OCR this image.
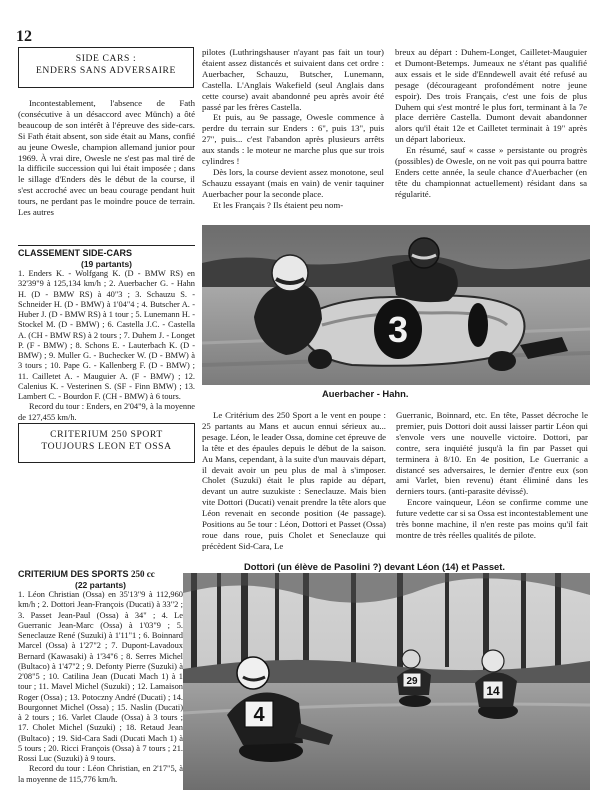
12
SIDE CARS :
ENDERS SANS ADVERSAIRE

Incontestablement, l'absence de Fath (consécutive à un désaccord avec Münch) a ôté beaucoup de son intérêt à l'épreuve des side-cars. Si Fath était absent, son side était au Mans, confié au jeune Owesle, champion allemand junior pour 1969. À vrai dire, Owesle ne s'est pas mal tiré de la difficile succession qui lui était imposée ; dans le sillage d'Enders dès le début de la course, il s'est accroché avec un beau courage pendant huit tours, ne perdant pas le moindre pouce de terrain. Les autres

pilotes (Luthringshauser n'ayant pas fait un tour) étaient assez distancés et suivaient dans cet ordre : Auerbacher, Schauzu, Butscher, Lunemann, Castella. L'Anglais Wakefield (seul Anglais dans cette course) avait abandonné peu après avoir été passé par les frères Castella.

Et puis, au 9e passage, Owesle commence à perdre du terrain sur Enders : 6", puis 13", puis 27", puis... c'est l'abandon après plusieurs arrêts aux stands : le moteur ne marche plus que sur trois cylindres !

Dès lors, la course devient assez monotone, seul Schauzu essayant (mais en vain) de venir taquiner Auerbacher pour la seconde place.

Et les Français ? Ils étaient peu nom-

breux au départ : Duhem-Longet, Cailletet-Mauguier et Dumont-Betemps. Jumeaux ne s'étant pas qualifié aux essais et le side d'Enndewell avait été refusé au pesage (décourageant profondément notre jeune espoir). Des trois Français, c'est une fois de plus Duhem qui s'est montré le plus fort, terminant à la 7e place derrière Castella. Dumont devait abandonner alors qu'il était 12e et Cailletet terminait à 19" après un départ laborieux.

En résumé, sauf « casse » persistante ou progrès (possibles) de Owesle, on ne voit pas qui pourra battre Enders cette année, la seule chance d'Auerbacher (en tête du championnat actuellement) résidant dans sa régularité.

CLASSEMENT SIDE-CARS
(19 partants)
1. Enders K. - Wolfgang K. (D - BMW RS) en 32'39"9 à 125,134 km/h ; 2. Auerbacher G. - Hahn H. (D - BMW RS) à 40"3 ; 3. Schauzu S. - Schneider H. (D - BMW) à 1'04"4 ; 4. Butscher A. - Huber J. (D - BMW RS) à 1 tour ; 5. Lunemann H. - Stockel M. (D - BMW) ; 6. Castella J.C. - Castella A. (CH - BMW RS) à 2 tours ; 7. Duhem J. - Longet P. (F - BMW) ; 8. Schons E. - Lauterbach K. (D - BMW) ; 9. Muller G. - Buchecker W. (D - BMW) à 3 tours ; 10. Pape G. - Kallenberg F. (D - BMW) ; 11. Cailletet A. - Mauguier A. (F - BMW) ; 12. Calenius K. - Vesterinen S. (SF - Finn BMW) ; 13. Lambert C. - Bourdon F. (CH - BMW) à 6 tours.
Record du tour : Enders, en 2'04"9, à la moyenne de 127,455 km/h.
3
Auerbacher - Hahn.
CRITERIUM 250 SPORT
TOUJOURS LEON ET OSSA

Le Critérium des 250 Sport a le vent en poupe : 25 partants au Mans et aucun ennui sérieux au... pesage. Léon, le leader Ossa, domine cet épreuve de la tête et des épaules depuis le début de la saison. Au Mans, cependant, à la suite d'un mauvais départ, il devait avoir un peu plus de mal à s'imposer. Cholet (Suzuki) était le plus rapide au départ, devant un autre suzukiste : Seneclauze. Mais bien vite Dottori (Ducati) venait prendre la tête alors que Léon revenait en seconde position (4e passage). Positions au 5e tour : Léon, Dottori et Passet (Ossa) roue dans roue, puis Cholet et Seneclauze qui précèdent Sid-Cara, Le

Guerranic, Boinnard, etc. En tête, Passet décroche le premier, puis Dottori doit aussi laisser partir Léon qui s'envole vers une nouvelle victoire. Dottori, par contre, sera inquiété jusqu'à la fin par Passet qui terminera à 8/10. En 4e position, Le Guerranic a distancé ses adversaires, le dernier d'entre eux (son ami Varlet, bien revenu) étant éliminé dans les derniers tours. (anti-parasite dévissé).

Encore vainqueur, Léon se confirme comme une future vedette car si sa Ossa est incontestablement une très bonne machine, il n'en reste pas moins qu'il fait montre de très réelles qualités de pilote.

Dottori (un élève de Pasolini ?) devant Léon (14) et Passet.
CRITERIUM DES SPORTS 250 cc
(22 partants)
1. Léon Christian (Ossa) en 35'13"9 à 112,960 km/h ; 2. Dottori Jean-François (Ducati) à 33"2 ; 3. Passet Jean-Paul (Ossa) à 34" ; 4. Le Guerranic Jean-Marc (Ossa) à 1'03"9 ; 5. Seneclauze René (Suzuki) à 1'11"1 ; 6. Boinnard Marcel (Ossa) à 1'27"2 ; 7. Dupont-Lavadoux Bernard (Kawasaki) à 1'34"6 ; 8. Serres Michel (Bultaco) à 1'47"2 ; 9. Defonty Pierre (Suzuki) à 2'08"5 ; 10. Catilina Jean (Ducati Mach 1) à 1 tour ; 11. Mavel Michel (Suzuki) ; 12. Lamaison Roger (Ossa) ; 13. Potoczny André (Ducati) ; 14. Bourgonnet Michel (Ossa) ; 15. Naslin (Ducati) à 2 tours ; 16. Varlet Claude (Ossa) à 3 tours ; 17. Cholet Michel (Suzuki) ; 18. Retaud Jean (Bultaco) ; 19. Sid-Cara Sadi (Ducati Mach 1) à 5 tours ; 20. Ricci François (Ossa) à 7 tours ; 21. Rossi Luc (Suzuki) à 9 tours.
Record du tour : Léon Christian, en 2'17"5, à la moyenne de 115,776 km/h.
14
29
4
